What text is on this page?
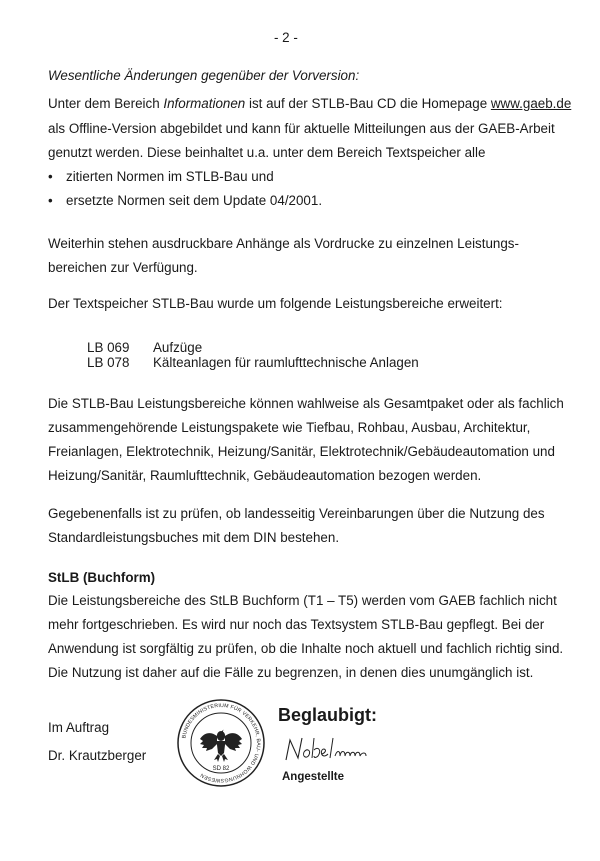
- 2 -
Wesentliche Änderungen gegenüber der Vorversion:
Unter dem Bereich Informationen ist auf der STLB-Bau CD die Homepage www.gaeb.de
als Offline-Version abgebildet und kann für aktuelle Mitteilungen aus der GAEB-Arbeit
genutzt werden. Diese beinhaltet u.a. unter dem Bereich Textspeicher alle
• zitierten Normen im STLB-Bau und
• ersetzte Normen seit dem Update 04/2001.
Weiterhin stehen ausdruckbare Anhänge als Vordrucke zu einzelnen Leistungs-
bereichen zur Verfügung.
Der Textspeicher STLB-Bau wurde um folgende Leistungsbereiche erweitert:
LB 069 Aufzüge
LB 078 Kälteanlagen für raumlufttechnische Anlagen
Die STLB-Bau Leistungsbereiche können wahlweise als Gesamtpaket oder als fachlich
zusammengehörende Leistungspakete wie Tiefbau, Rohbau, Ausbau, Architektur,
Freianlagen, Elektrotechnik, Heizung/Sanitär, Elektrotechnik/Gebäudeautomation und
Heizung/Sanitär, Raumlufttechnik, Gebäudeautomation bezogen werden.
Gegebenenfalls ist zu prüfen, ob landesseitig Vereinbarungen über die Nutzung des
Standardleistungsbuches mit dem DIN bestehen.
StLB (Buchform)
Die Leistungsbereiche des StLB Buchform (T1 – T5) werden vom GAEB fachlich nicht
mehr fortgeschrieben. Es wird nur noch das Textsystem STLB-Bau gepflegt. Bei der
Anwendung ist sorgfältig zu prüfen, ob die Inhalte noch aktuell und fachlich richtig sind.
Die Nutzung ist daher auf die Fälle zu begrenzen, in denen dies unumgänglich ist.
Im Auftrag
Dr. Krautzberger
BUNDESMINISTERIUM FÜR VERKEHR, BAU- UND WOHNUNGSWESEN
SD 82
Beglaubigt:
Angestellte
